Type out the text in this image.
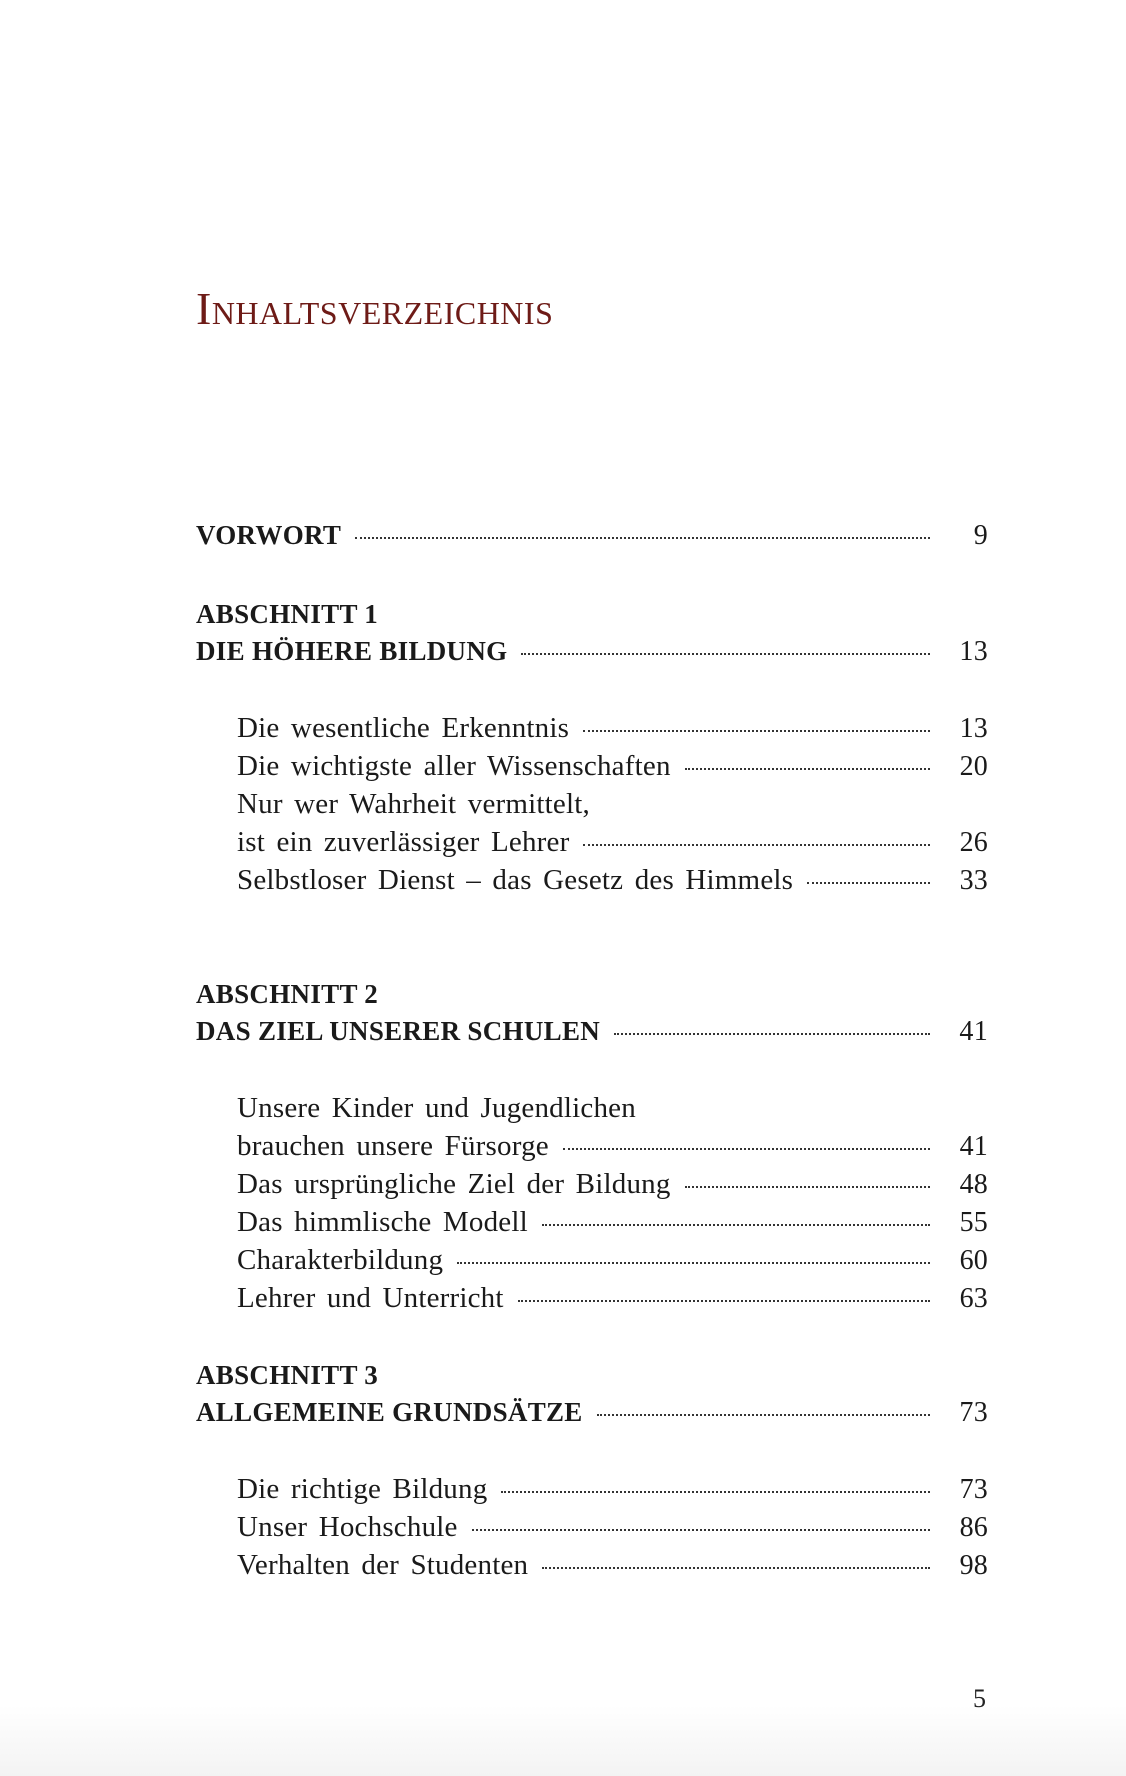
Inhaltsverzeichnis
VORWORT	9
ABSCHNITT 1
DIE HÖHERE BILDUNG	13
Die wesentliche Erkenntnis	13
Die wichtigste aller Wissenschaften	20
Nur wer Wahrheit vermittelt,
ist ein zuverlässiger Lehrer	26
Selbstloser Dienst – das Gesetz des Himmels	33
ABSCHNITT 2
DAS ZIEL UNSERER SCHULEN	41
Unsere Kinder und Jugendlichen
brauchen unsere Fürsorge	41
Das ursprüngliche Ziel der Bildung	48
Das himmlische Modell	55
Charakterbildung	60
Lehrer und Unterricht	63
ABSCHNITT 3
ALLGEMEINE GRUNDSÄTZE	73
Die richtige Bildung	73
Unser Hochschule	86
Verhalten der Studenten	98
5
